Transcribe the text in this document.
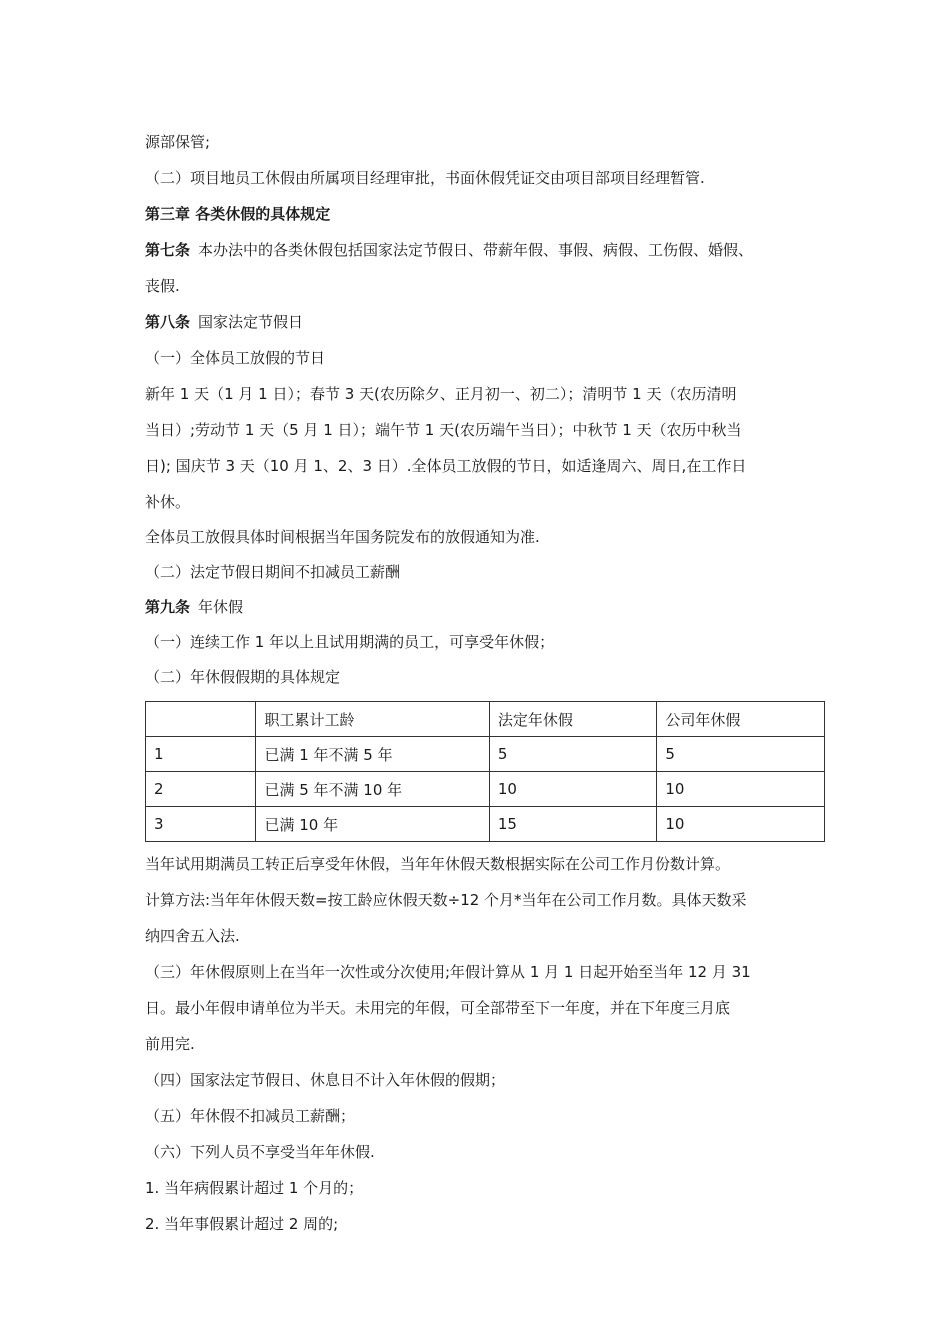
源部保管;
（二）项目地员工休假由所属项目经理审批，书面休假凭证交由项目部项目经理暂管.
第三章 各类休假的具体规定
第七条 本办法中的各类休假包括国家法定节假日、带薪年假、事假、病假、工伤假、婚假、
丧假.
第八条 国家法定节假日
（一）全体员工放假的节日
新年 1 天（1 月 1 日）；春节 3 天(农历除夕、正月初一、初二）；清明节 1 天（农历清明
当日）;劳动节 1 天（5 月 1 日）；端午节 1 天(农历端午当日）；中秋节 1 天（农历中秋当
日); 国庆节 3 天（10 月 1、2、3 日）.全体员工放假的节日，如适逢周六、周日,在工作日
补休。
全体员工放假具体时间根据当年国务院发布的放假通知为准.
（二）法定节假日期间不扣减员工薪酬
第九条 年休假
（一）连续工作 1 年以上且试用期满的员工，可享受年休假；
（二）年休假假期的具体规定
	职工累计工龄	法定年休假	公司年休假
1	已满 1 年不满 5 年	5	5
2	已满 5 年不满 10 年	10	10
3	已满 10 年	15	10
当年试用期满员工转正后享受年休假，当年年休假天数根据实际在公司工作月份数计算。
计算方法:当年年休假天数=按工龄应休假天数÷12 个月*当年在公司工作月数。具体天数采
纳四舍五入法.
（三）年休假原则上在当年一次性或分次使用;年假计算从 1 月 1 日起开始至当年 12 月 31
日。最小年假申请单位为半天。未用完的年假，可全部带至下一年度，并在下年度三月底
前用完.
（四）国家法定节假日、休息日不计入年休假的假期；
（五）年休假不扣减员工薪酬；
（六）下列人员不享受当年年休假.
1. 当年病假累计超过 1 个月的；
2. 当年事假累计超过 2 周的;
